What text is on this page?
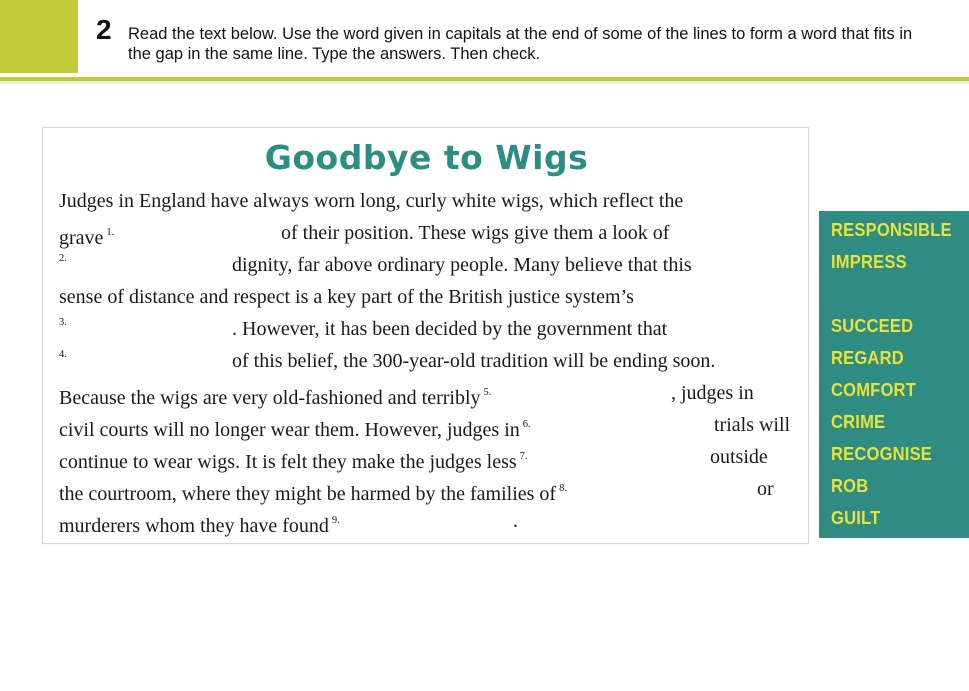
2 Read the text below. Use the word given in capitals at the end of some of the lines to form a word that fits in the gap in the same line. Type the answers. Then check.
Goodbye to Wigs
Judges in England have always worn long, curly white wigs, which reflect the
grave $^{1.}$	of their position. These wigs give them a look of
2.	dignity, far above ordinary people. Many believe that this
sense of distance and respect is a key part of the British justice system’s
3.	. However, it has been decided by the government that
4.	of this belief, the 300-year-old tradition will be ending soon.
Because the wigs are very old-fashioned and terribly $^{5.}$	, judges in
civil courts will no longer wear them. However, judges in $^{6.}$	trials will
continue to wear wigs. It is felt they make the judges less $^{7.}$	outside
the courtroom, where they might be harmed by the families of $^{8.}$	or
murderers whom they have found $^{9.}$	.
RESPONSIBLE
IMPRESS
SUCCEED
REGARD
COMFORT
CRIME
RECOGNISE
ROB
GUILT
